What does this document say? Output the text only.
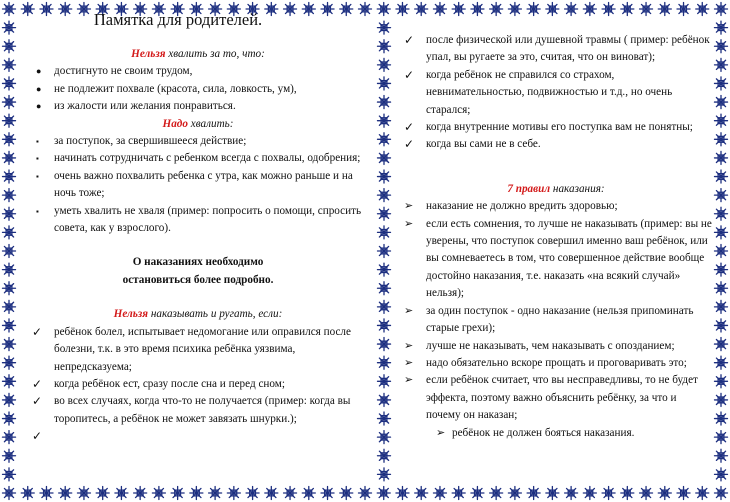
Памятка для родителей.

Нельзя хвалить за то, что:

● достигнуто не своим трудом,
● не подлежит похвале (красота, сила, ловкость, ум),
● из жалости или желания понравиться.

Надо хвалить:

▪ за поступок, за свершившееся действие;
▪ начинать сотрудничать с ребенком всегда с похвалы, одобрения;
▪ очень важно похвалить ребенка с утра, как можно раньше и на ночь тоже;
▪ уметь хвалить не хваля (пример: попросить о помощи, спросить совета, как у взрослого).

О наказаниях необходимо

остановиться более подробно.

Нельзя наказывать и ругать, если:

✓ ребёнок болел, испытывает недомогание или оправился после болезни, т.к. в это время психика ребёнка уязвима, непредсказуема;
✓ когда ребёнок ест, сразу после сна и перед сном;
✓ во всех случаях, когда что-то не получается (пример: когда вы торопитесь, а ребёнок не может завязать шнурки.);
✓
✓ после физической или душевной травмы ( пример: ребёнок упал, вы ругаете за это, считая, что он виноват);
✓ когда ребёнок не справился со страхом, невнимательностью, подвижностью и т.д., но очень старался;
✓ когда внутренние мотивы его поступка вам не понятны;
✓ когда вы сами не в себе.

7 правил наказания:

➢ наказание не должно вредить здоровью;
➢ если есть сомнения, то лучше не наказывать (пример: вы не уверены, что поступок совершил именно ваш ребёнок, или вы сомневаетесь в том, что совершенное действие вообще достойно наказания, т.е. наказать «на всякий случай» нельзя);
➢ за один поступок - одно наказание (нельзя припоминать старые грехи);
➢ лучше не наказывать, чем наказывать с опозданием;
➢ надо обязательно вскоре прощать и проговаривать это;
➢ если ребёнок считает, что вы несправедливы, то не будет эффекта, поэтому важно объяснить ребёнку, за что и почему он наказан;
➢ ребёнок не должен бояться наказания.
